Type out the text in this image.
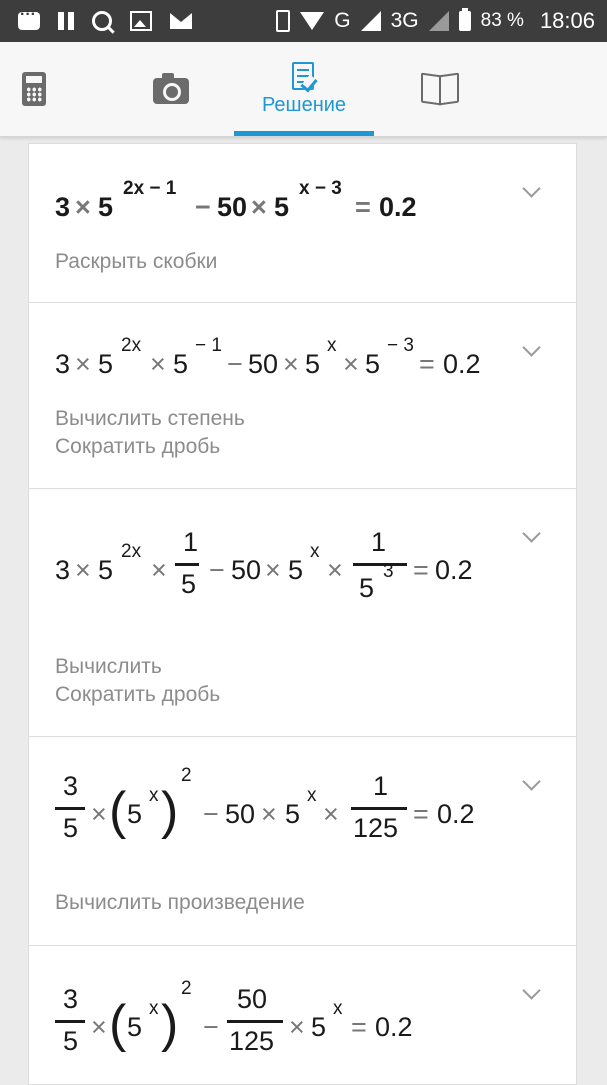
···
G 3G	83 % 18:06
Решение
3 × 5
2x − 1
− 50 × 5
x − 3
= 0.2
Раскрыть скобки
3 × 5
2x
× 5
− 1
− 50 × 5
x
× 5
− 3
= 0.2
Вычислить степень
Сократить дробь
3 × 5
2x
×
1
5 − 50 × 5
x
×
1
5
3 = 0.2
Вычислить
Сократить дробь
3
5 × ( 5
x )
2
− 50 × 5
x
×
1
125 = 0.2
Вычислить произведение
3
5 × ( 5
x )
2
−
50
125 × 5
x
= 0.2
